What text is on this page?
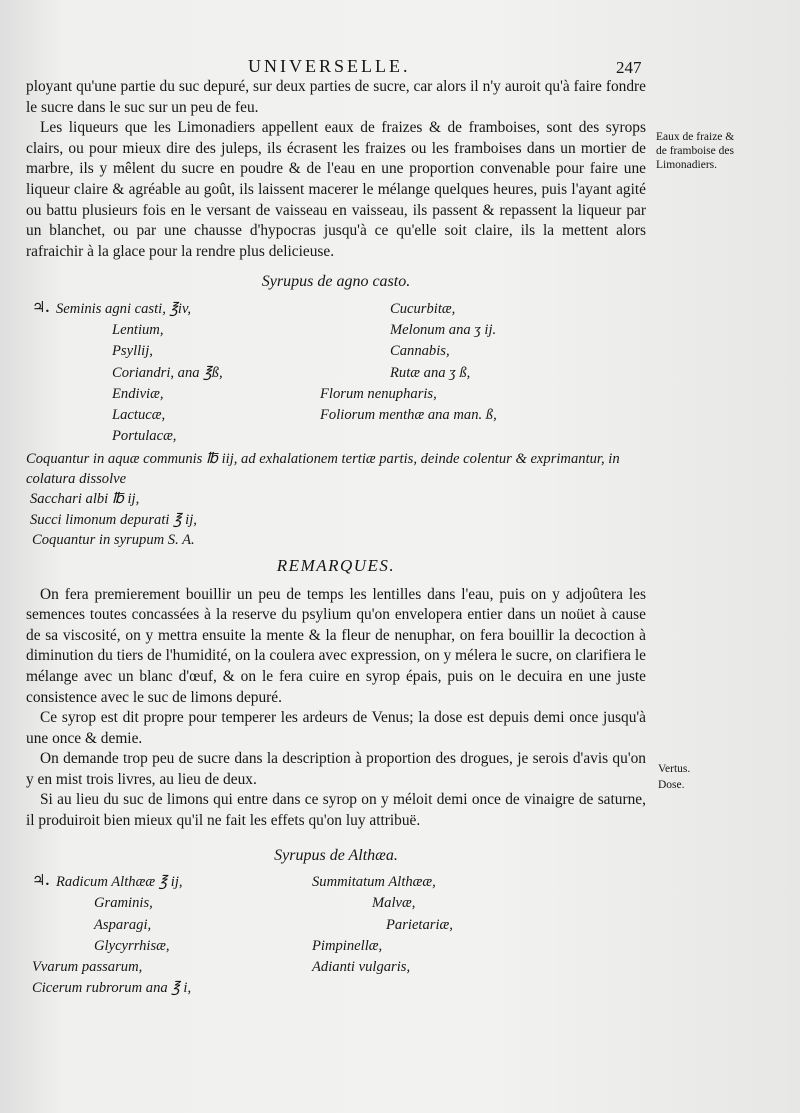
UNIVERSELLE.	247

ployant qu'une partie du suc depuré, sur deux parties de sucre, car alors il n'y auroit qu'à faire fondre le sucre dans le suc sur un peu de feu.

Les liqueurs que les Limonadiers appellent eaux de fraizes & de framboises, sont des syrops clairs, ou pour mieux dire des juleps, ils écrasent les fraizes ou les framboises dans un mortier de marbre, ils y mêlent du sucre en poudre & de l'eau en une proportion convenable pour faire une liqueur claire & agréable au goût, ils laissent macerer le mélange quelques heures, puis l'ayant agité ou battu plusieurs fois en le versant de vaisseau en vaisseau, ils passent & repassent la liqueur par un blanchet, ou par une chausse d'hypocras jusqu'à ce qu'elle soit claire, ils la mettent alors rafraichir à la glace pour la rendre plus delicieuse.

Syrupus de agno casto.
♃. Seminis agni casti, ℥iv,
Lentium,
Psyllij,
Coriandri, ana ℥ß,
Endiviæ,
Lactucæ,
Portulacæ,
Cucurbitæ,
Melonum ana ʒ ij.
Cannabis,
Rutæ ana ʒ ß,
Florum nenupharis,
Foliorum menthæ ana man. ß,

Coquantur in aquæ communis ℔ iij, ad exhalationem tertiæ partis, deinde colentur & exprimantur, in colatura dissolve

Sacchari albi ℔ ij,

Succi limonum depurati ℥ ij,

Coquantur in syrupum S. A.

REMARQUES.

On fera premierement bouillir un peu de temps les lentilles dans l'eau, puis on y adjoûtera les semences toutes concassées à la reserve du psylium qu'on envelopera entier dans un noüet à cause de sa viscosité, on y mettra ensuite la mente & la fleur de nenuphar, on fera bouillir la decoction à diminution du tiers de l'humidité, on la coulera avec expression, on y mélera le sucre, on clarifiera le mélange avec un blanc d'œuf, & on le fera cuire en syrop épais, puis on le decuira en une juste consistence avec le suc de limons depuré.

Ce syrop est dit propre pour temperer les ardeurs de Venus; la dose est depuis demi once jusqu'à une once & demie.

On demande trop peu de sucre dans la description à proportion des drogues, je serois d'avis qu'on y en mist trois livres, au lieu de deux.

Si au lieu du suc de limons qui entre dans ce syrop on y méloit demi once de vinaigre de saturne, il produiroit bien mieux qu'il ne fait les effets qu'on luy attribuë.

Syrupus de Althæa.
♃. Radicum Althææ ℥ ij,
Graminis,
Asparagi,
Glycyrrhisæ,
Vvarum passarum,
Cicerum rubrorum ana ℥ i,
Summitatum Althææ,
Malvæ,
Parietariæ,
Pimpinellæ,
Adianti vulgaris,
Eaux de fraize & de framboise des Limonadiers.
Vertus.
Dose.
